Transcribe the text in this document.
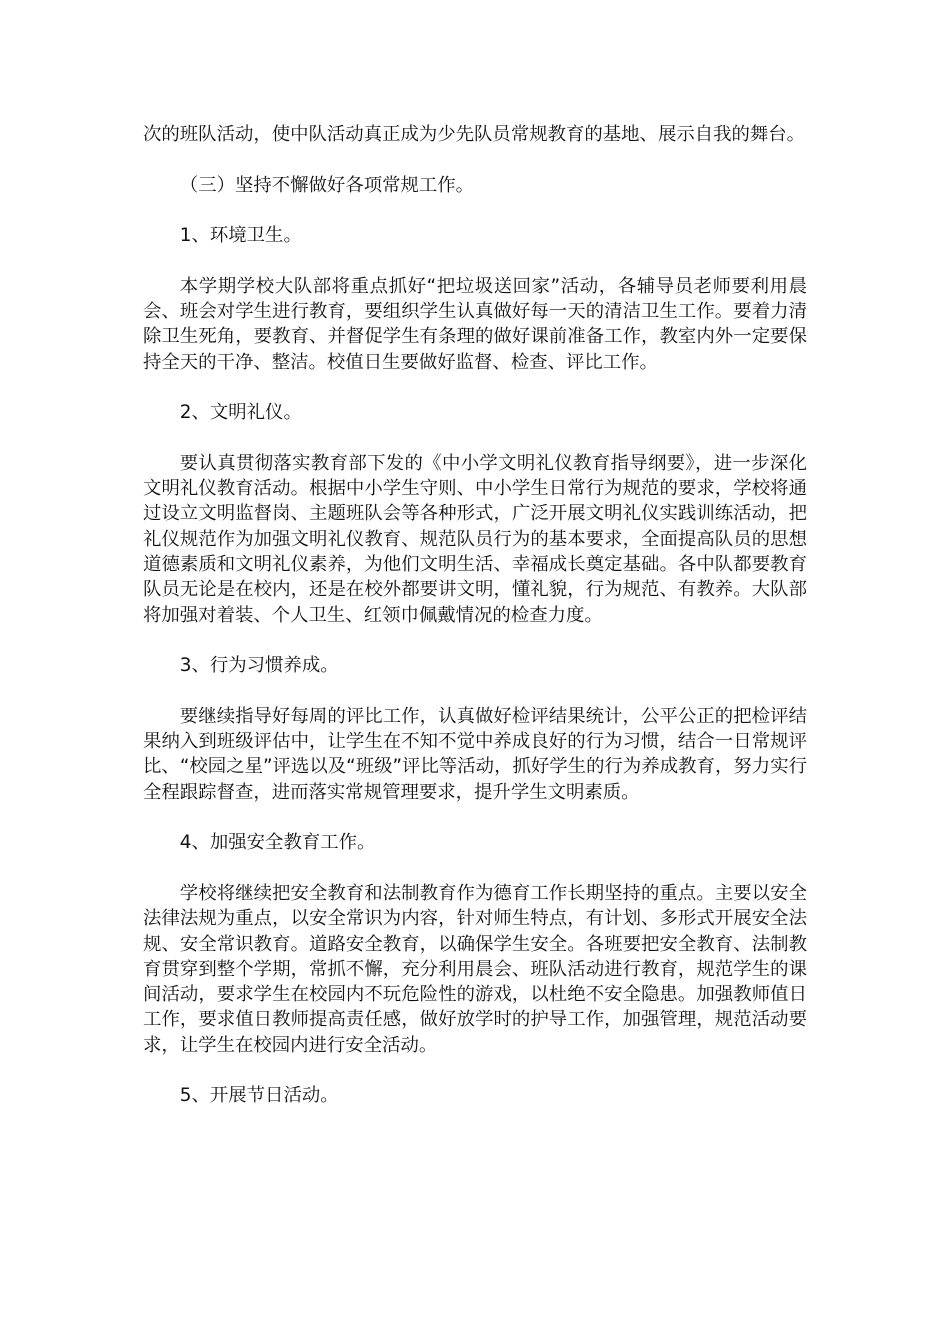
次的班队活动，使中队活动真正成为少先队员常规教育的基地、展示自我的舞台。

（三）坚持不懈做好各项常规工作。

1、环境卫生。

本学期学校大队部将重点抓好“把垃圾送回家”活动，各辅导员老师要利用晨会、班会对学生进行教育，要组织学生认真做好每一天的清洁卫生工作。要着力清除卫生死角，要教育、并督促学生有条理的做好课前准备工作，教室内外一定要保持全天的干净、整洁。校值日生要做好监督、检查、评比工作。

2、文明礼仪。

要认真贯彻落实教育部下发的《中小学文明礼仪教育指导纲要》，进一步深化文明礼仪教育活动。根据中小学生守则、中小学生日常行为规范的要求，学校将通过设立文明监督岗、主题班队会等各种形式，广泛开展文明礼仪实践训练活动，把礼仪规范作为加强文明礼仪教育、规范队员行为的基本要求，全面提高队员的思想道德素质和文明礼仪素养，为他们文明生活、幸福成长奠定基础。各中队都要教育队员无论是在校内，还是在校外都要讲文明，懂礼貌，行为规范、有教养。大队部将加强对着装、个人卫生、红领巾佩戴情况的检查力度。

3、行为习惯养成。

要继续指导好每周的评比工作，认真做好检评结果统计，公平公正的把检评结果纳入到班级评估中，让学生在不知不觉中养成良好的行为习惯，结合一日常规评比、“校园之星”评选以及“班级”评比等活动，抓好学生的行为养成教育，努力实行全程跟踪督查，进而落实常规管理要求，提升学生文明素质。

4、加强安全教育工作。

学校将继续把安全教育和法制教育作为德育工作长期坚持的重点。主要以安全法律法规为重点，以安全常识为内容，针对师生特点，有计划、多形式开展安全法规、安全常识教育。道路安全教育，以确保学生安全。各班要把安全教育、法制教育贯穿到整个学期，常抓不懈，充分利用晨会、班队活动进行教育，规范学生的课间活动，要求学生在校园内不玩危险性的游戏，以杜绝不安全隐患。加强教师值日工作，要求值日教师提高责任感，做好放学时的护导工作，加强管理，规范活动要求，让学生在校园内进行安全活动。

5、开展节日活动。
